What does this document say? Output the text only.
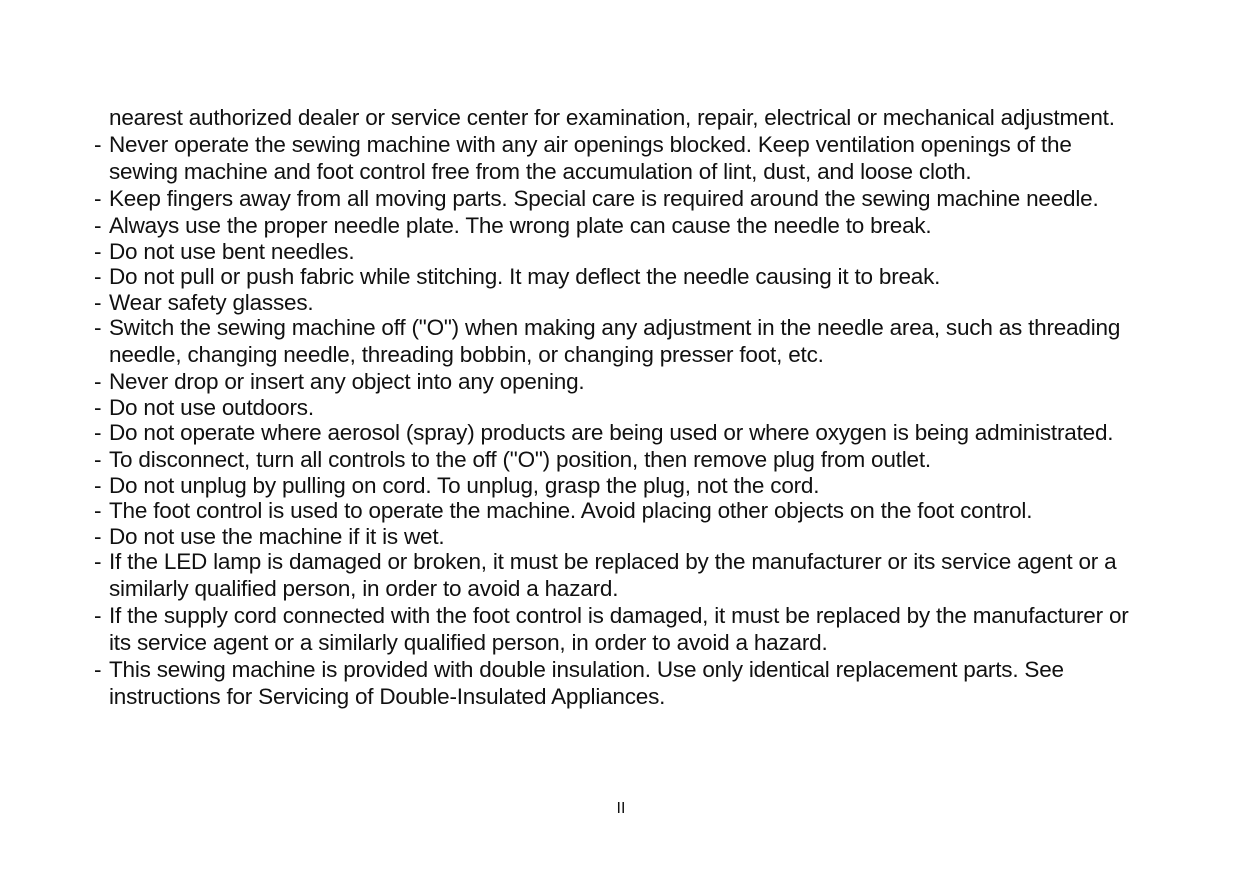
nearest authorized dealer or service center for examination, repair, electrical or mechanical adjustment.

- Never operate the sewing machine with any air openings blocked. Keep ventilation openings of the sewing machine and foot control free from the accumulation of lint, dust, and loose cloth.
- Keep fingers away from all moving parts. Special care is required around the sewing machine needle.
- Always use the proper needle plate. The wrong plate can cause the needle to break.
- Do not use bent needles.
- Do not pull or push fabric while stitching. It may deflect the needle causing it to break.
- Wear safety glasses.
- Switch the sewing machine off ("O") when making any adjustment in the needle area, such as threading needle, changing needle, threading bobbin, or changing presser foot, etc.
- Never drop or insert any object into any opening.
- Do not use outdoors.
- Do not operate where aerosol (spray) products are being used or where oxygen is being administrated.
- To disconnect, turn all controls to the off ("O") position, then remove plug from outlet.
- Do not unplug by pulling on cord. To unplug, grasp the plug, not the cord.
- The foot control is used to operate the machine. Avoid placing other objects on the foot control.
- Do not use the machine if it is wet.
- If the LED lamp is damaged or broken, it must be replaced by the manufacturer or its service agent or a similarly qualified person, in order to avoid a hazard.
- If the supply cord connected with the foot control is damaged, it must be replaced by the manufacturer or its service agent or a similarly qualified person, in order to avoid a hazard.
- This sewing machine is provided with double insulation. Use only identical replacement parts. See instructions for Servicing of Double-Insulated Appliances.
II
